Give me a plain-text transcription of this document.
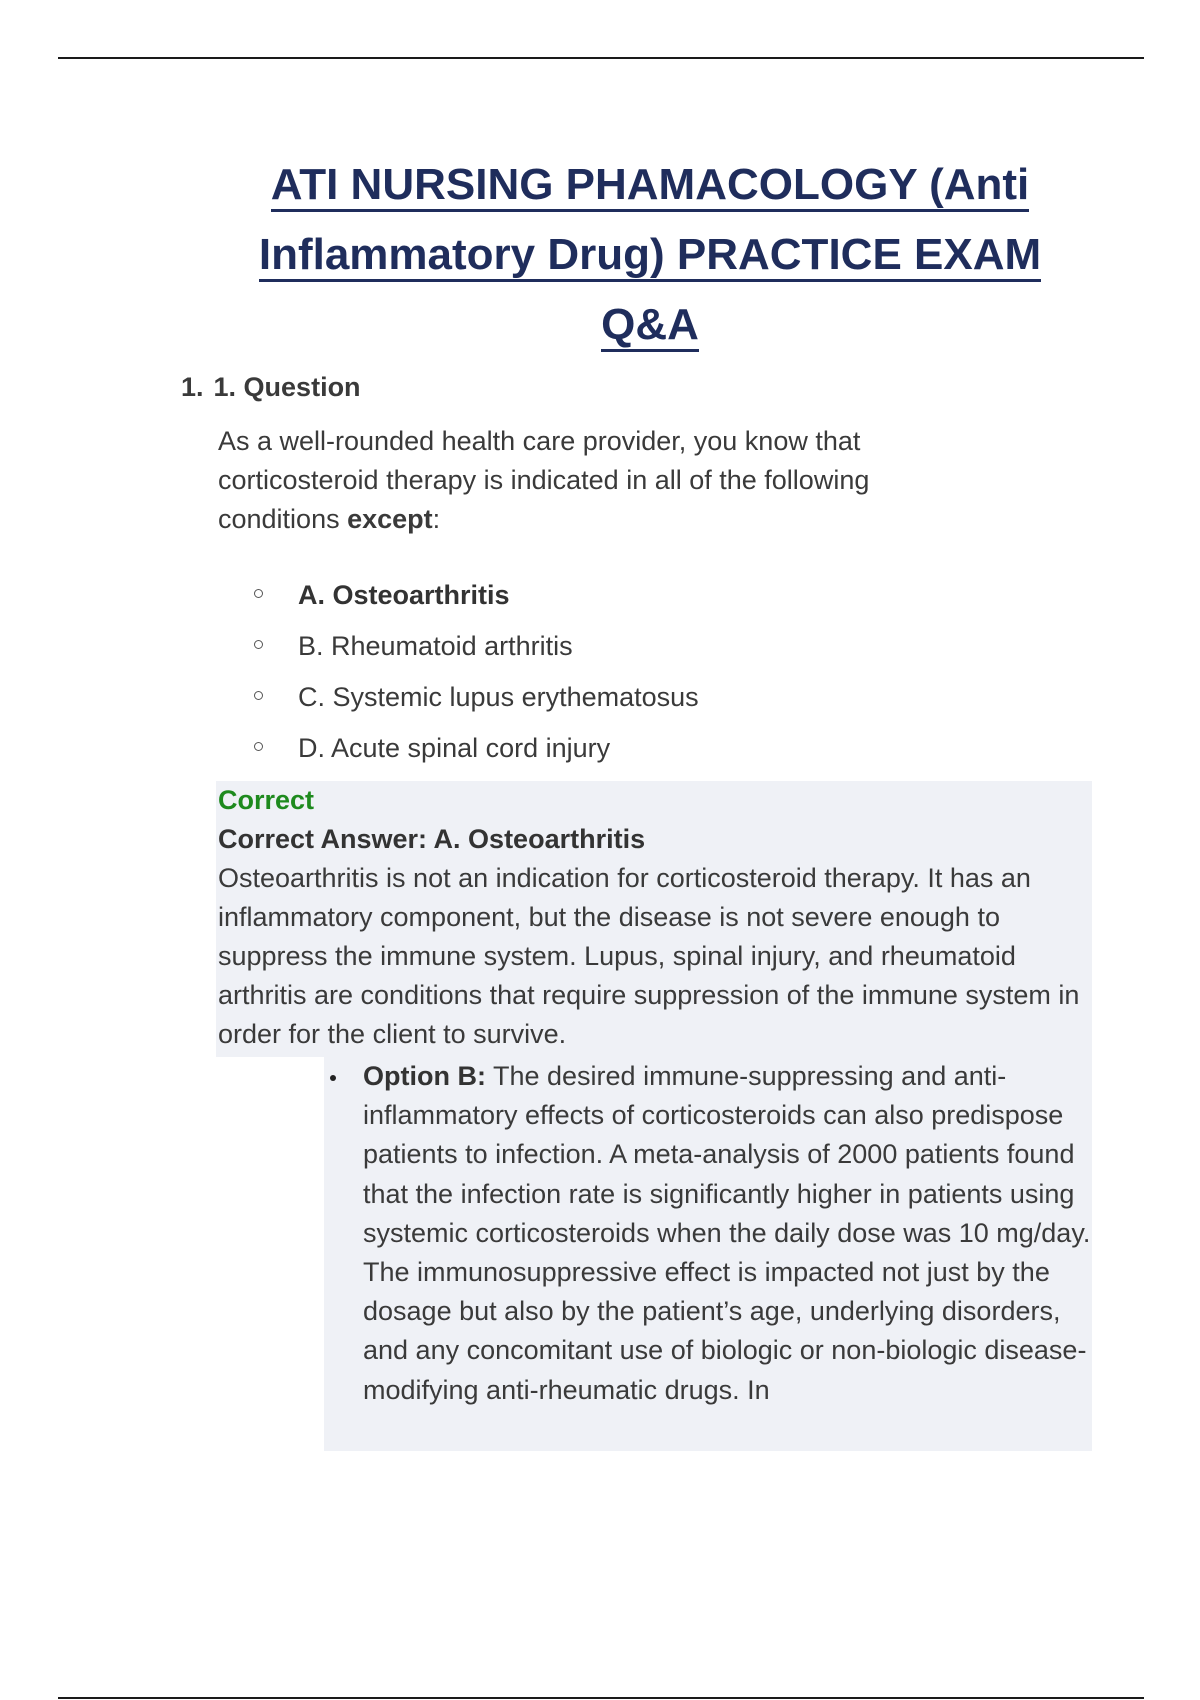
ATI NURSING PHAMACOLOGY (Anti
Inflammatory Drug) PRACTICE EXAM
Q&A
1. 1. Question
As a well-rounded health care provider, you know that corticosteroid therapy is indicated in all of the following conditions except:
A. Osteoarthritis
B. Rheumatoid arthritis
C. Systemic lupus erythematosus
D. Acute spinal cord injury
Correct
Correct Answer: A. Osteoarthritis
Osteoarthritis is not an indication for corticosteroid therapy. It has an inflammatory component, but the disease is not severe enough to suppress the immune system. Lupus, spinal injury, and rheumatoid arthritis are conditions that require suppression of the immune system in order for the client to survive.
Option B: The desired immune-suppressing and anti-inflammatory effects of corticosteroids can also predispose patients to infection. A meta-analysis of 2000 patients found that the infection rate is significantly higher in patients using systemic corticosteroids when the daily dose was 10 mg/day. The immunosuppressive effect is impacted not just by the dosage but also by the patient’s age, underlying disorders, and any concomitant use of biologic or non-biologic disease-modifying anti-rheumatic drugs. In
